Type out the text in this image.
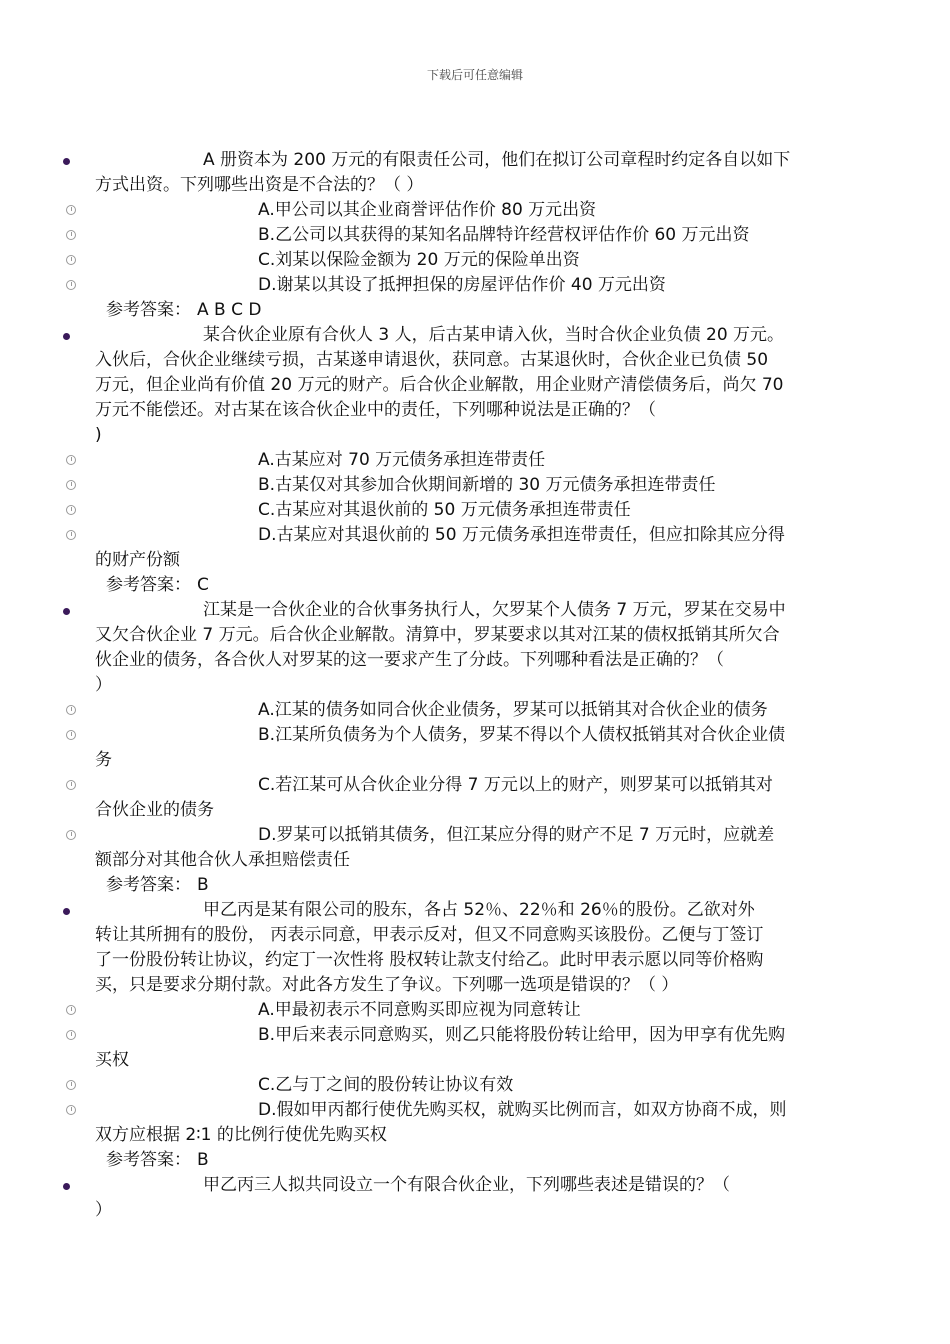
下载后可任意编辑
A 册资本为 200 万元的有限责任公司，他们在拟订公司章程时约定各自以如下
方式出资。下列哪些出资是不合法的？（ ）
A.甲公司以其企业商誉评估作价 80 万元出资
B.乙公司以其获得的某知名品牌特许经营权评估作价 60 万元出资
C.刘某以保险金额为 20 万元的保险单出资
D.谢某以其设了抵押担保的房屋评估作价 40 万元出资
参考答案： A B C D
某合伙企业原有合伙人 3 人，后古某申请入伙，当时合伙企业负债 20 万元。
入伙后，合伙企业继续亏损，古某遂申请退伙，获同意。古某退伙时，合伙企业已负债 50
万元，但企业尚有价值 20 万元的财产。后合伙企业解散，用企业财产清偿债务后，尚欠 70
万元不能偿还。对古某在该合伙企业中的责任，下列哪种说法是正确的？（
)
A.古某应对 70 万元债务承担连带责任
B.古某仅对其参加合伙期间新增的 30 万元债务承担连带责任
C.古某应对其退伙前的 50 万元债务承担连带责任
D.古某应对其退伙前的 50 万元债务承担连带责任，但应扣除其应分得
的财产份额
参考答案： C
江某是一合伙企业的合伙事务执行人，欠罗某个人债务 7 万元，罗某在交易中
又欠合伙企业 7 万元。后合伙企业解散。清算中，罗某要求以其对江某的债权抵销其所欠合
伙企业的债务，各合伙人对罗某的这一要求产生了分歧。下列哪种看法是正确的？（
）
A.江某的债务如同合伙企业债务，罗某可以抵销其对合伙企业的债务
B.江某所负债务为个人债务，罗某不得以个人债权抵销其对合伙企业债
务
C.若江某可从合伙企业分得 7 万元以上的财产，则罗某可以抵销其对
合伙企业的债务
D.罗某可以抵销其债务，但江某应分得的财产不足 7 万元时，应就差
额部分对其他合伙人承担赔偿责任
参考答案： B
甲乙丙是某有限公司的股东，各占 52％、22％和 26％的股份。乙欲对外
转让其所拥有的股份， 丙表示同意，甲表示反对，但又不同意购买该股份。乙便与丁签订
了一份股份转让协议，约定丁一次性将 股权转让款支付给乙。此时甲表示愿以同等价格购
买，只是要求分期付款。对此各方发生了争议。下列哪一选项是错误的？（ ）
A.甲最初表示不同意购买即应视为同意转让
B.甲后来表示同意购买，则乙只能将股份转让给甲，因为甲享有优先购
买权
C.乙与丁之间的股份转让协议有效
D.假如甲丙都行使优先购买权，就购买比例而言，如双方协商不成，则
双方应根据 2∶1 的比例行使优先购买权
参考答案： B
甲乙丙三人拟共同设立一个有限合伙企业，下列哪些表述是错误的？（
）
